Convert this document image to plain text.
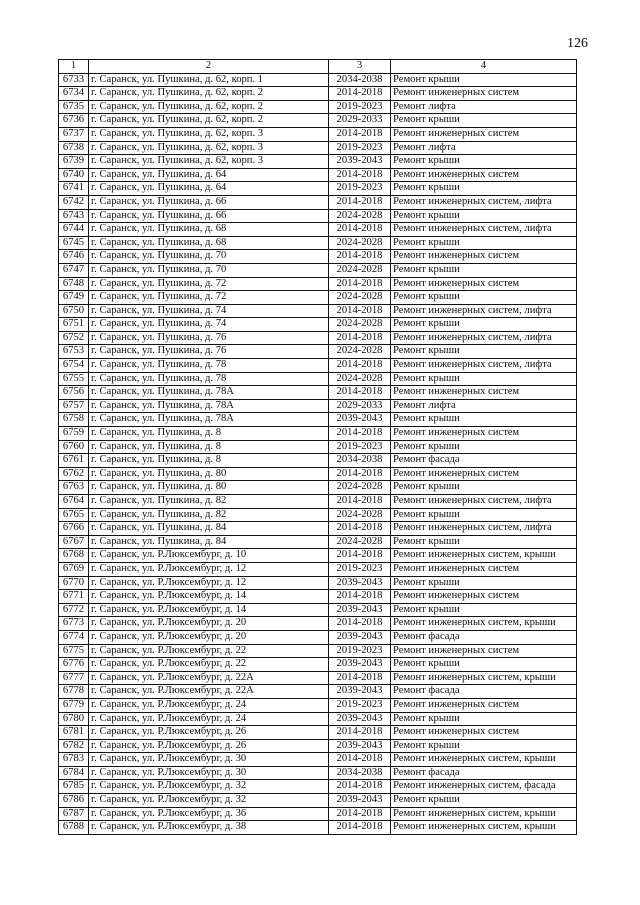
126
1	2	3	4
6733	г. Саранск, ул. Пушкина, д. 62, корп. 1	2034-2038	Ремонт крыши
6734	г. Саранск, ул. Пушкина, д. 62, корп. 2	2014-2018	Ремонт инженерных систем
6735	г. Саранск, ул. Пушкина, д. 62, корп. 2	2019-2023	Ремонт лифта
6736	г. Саранск, ул. Пушкина, д. 62, корп. 2	2029-2033	Ремонт крыши
6737	г. Саранск, ул. Пушкина, д. 62, корп. 3	2014-2018	Ремонт инженерных систем
6738	г. Саранск, ул. Пушкина, д. 62, корп. 3	2019-2023	Ремонт лифта
6739	г. Саранск, ул. Пушкина, д. 62, корп. 3	2039-2043	Ремонт крыши
6740	г. Саранск, ул. Пушкина, д. 64	2014-2018	Ремонт инженерных систем
6741	г. Саранск, ул. Пушкина, д. 64	2019-2023	Ремонт крыши
6742	г. Саранск, ул. Пушкина, д. 66	2014-2018	Ремонт инженерных систем, лифта
6743	г. Саранск, ул. Пушкина, д. 66	2024-2028	Ремонт крыши
6744	г. Саранск, ул. Пушкина, д. 68	2014-2018	Ремонт инженерных систем, лифта
6745	г. Саранск, ул. Пушкина, д. 68	2024-2028	Ремонт крыши
6746	г. Саранск, ул. Пушкина, д. 70	2014-2018	Ремонт инженерных систем
6747	г. Саранск, ул. Пушкина, д. 70	2024-2028	Ремонт крыши
6748	г. Саранск, ул. Пушкина, д. 72	2014-2018	Ремонт инженерных систем
6749	г. Саранск, ул. Пушкина, д. 72	2024-2028	Ремонт крыши
6750	г. Саранск, ул. Пушкина, д. 74	2014-2018	Ремонт инженерных систем, лифта
6751	г. Саранск, ул. Пушкина, д. 74	2024-2028	Ремонт крыши
6752	г. Саранск, ул. Пушкина, д. 76	2014-2018	Ремонт инженерных систем, лифта
6753	г. Саранск, ул. Пушкина, д. 76	2024-2028	Ремонт крыши
6754	г. Саранск, ул. Пушкина, д. 78	2014-2018	Ремонт инженерных систем, лифта
6755	г. Саранск, ул. Пушкина, д. 78	2024-2028	Ремонт крыши
6756	г. Саранск, ул. Пушкина, д. 78А	2014-2018	Ремонт инженерных систем
6757	г. Саранск, ул. Пушкина, д. 78А	2029-2033	Ремонт лифта
6758	г. Саранск, ул. Пушкина, д. 78А	2039-2043	Ремонт крыши
6759	г. Саранск, ул. Пушкина, д. 8	2014-2018	Ремонт инженерных систем
6760	г. Саранск, ул. Пушкина, д. 8	2019-2023	Ремонт крыши
6761	г. Саранск, ул. Пушкина, д. 8	2034-2038	Ремонт фасада
6762	г. Саранск, ул. Пушкина, д. 80	2014-2018	Ремонт инженерных систем
6763	г. Саранск, ул. Пушкина, д. 80	2024-2028	Ремонт крыши
6764	г. Саранск, ул. Пушкина, д. 82	2014-2018	Ремонт инженерных систем, лифта
6765	г. Саранск, ул. Пушкина, д. 82	2024-2028	Ремонт крыши
6766	г. Саранск, ул. Пушкина, д. 84	2014-2018	Ремонт инженерных систем, лифта
6767	г. Саранск, ул. Пушкина, д. 84	2024-2028	Ремонт крыши
6768	г. Саранск, ул. Р.Люксембург, д. 10	2014-2018	Ремонт инженерных систем, крыши
6769	г. Саранск, ул. Р.Люксембург, д. 12	2019-2023	Ремонт инженерных систем
6770	г. Саранск, ул. Р.Люксембург, д. 12	2039-2043	Ремонт крыши
6771	г. Саранск, ул. Р.Люксембург, д. 14	2014-2018	Ремонт инженерных систем
6772	г. Саранск, ул. Р.Люксембург, д. 14	2039-2043	Ремонт крыши
6773	г. Саранск, ул. Р.Люксембург, д. 20	2014-2018	Ремонт инженерных систем, крыши
6774	г. Саранск, ул. Р.Люксембург, д. 20	2039-2043	Ремонт фасада
6775	г. Саранск, ул. Р.Люксембург, д. 22	2019-2023	Ремонт инженерных систем
6776	г. Саранск, ул. Р.Люксембург, д. 22	2039-2043	Ремонт крыши
6777	г. Саранск, ул. Р.Люксембург, д. 22А	2014-2018	Ремонт инженерных систем, крыши
6778	г. Саранск, ул. Р.Люксембург, д. 22А	2039-2043	Ремонт фасада
6779	г. Саранск, ул. Р.Люксембург, д. 24	2019-2023	Ремонт инженерных систем
6780	г. Саранск, ул. Р.Люксембург, д. 24	2039-2043	Ремонт крыши
6781	г. Саранск, ул. Р.Люксембург, д. 26	2014-2018	Ремонт инженерных систем
6782	г. Саранск, ул. Р.Люксембург, д. 26	2039-2043	Ремонт крыши
6783	г. Саранск, ул. Р.Люксембург, д. 30	2014-2018	Ремонт инженерных систем, крыши
6784	г. Саранск, ул. Р.Люксембург, д. 30	2034-2038	Ремонт фасада
6785	г. Саранск, ул. Р.Люксембург, д. 32	2014-2018	Ремонт инженерных систем, фасада
6786	г. Саранск, ул. Р.Люксембург, д. 32	2039-2043	Ремонт крыши
6787	г. Саранск, ул. Р.Люксембург, д. 36	2014-2018	Ремонт инженерных систем, крыши
6788	г. Саранск, ул. Р.Люксембург, д. 38	2014-2018	Ремонт инженерных систем, крыши
